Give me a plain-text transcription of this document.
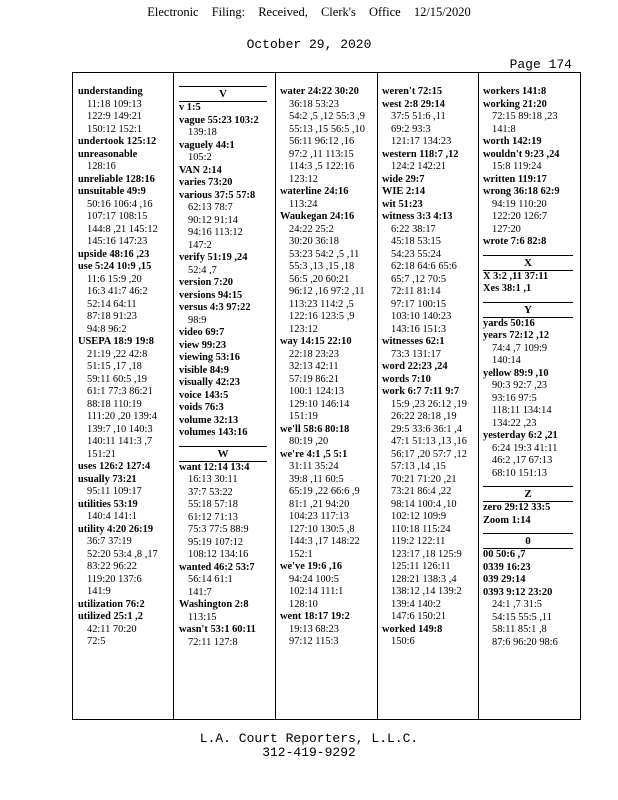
Electronic Filing: Received, Clerk's Office 12/15/2020
October 29, 2020
Page 174
understanding
11:18 109:13
122:9 149:21
150:12 152:1
undertook 125:12
unreasonable
128:16
unreliable 128:16
unsuitable 49:9
50:16 106:4 ,16
107:17 108:15
144:8 ,21 145:12
145:16 147:23
upside 48:16 ,23
use 5:24 10:9 ,15
11:6 15:9 ,20
16:3 41:7 46:2
52:14 64:11
87:18 91:23
94:8 96:2
USEPA 18:9 19:8
21:19 ,22 42:8
51:15 ,17 ,18
59:11 60:5 ,19
61:1 77:3 86:21
88:18 110:19
111:20 ,20 139:4
139:7 ,10 140:3
140:11 141:3 ,7
151:21
uses 126:2 127:4
usually 73:21
95:11 109:17
utilities 53:19
140:4 141:1
utility 4:20 26:19
36:7 37:19
52:20 53:4 ,8 ,17
83:22 96:22
119:20 137:6
141:9
utilization 76:2
utilized 25:1 ,2
42:11 70:20
72:5
V
v 1:5
vague 55:23 103:2
139:18
vaguely 44:1
105:2
VAN 2:14
varies 73:20
various 37:5 57:8
62:13 78:7
90:12 91:14
94:16 113:12
147:2
verify 51:19 ,24
52:4 ,7
version 7:20
versions 94:15
versus 4:3 97:22
98:9
video 69:7
view 99:23
viewing 53:16
visible 84:9
visually 42:23
voice 143:5
voids 76:3
volume 32:13
volumes 143:16
W
want 12:14 13:4
16:13 30:11
37:7 53:22
55:18 57:18
61:12 71:13
75:3 77:5 88:9
95:19 107:12
108:12 134:16
wanted 46:2 53:7
56:14 61:1
141:7
Washington 2:8
113:15
wasn't 53:1 60:11
72:11 127:8
water 24:22 30:20
36:18 53:23
54:2 ,5 ,12 55:3 ,9
55:13 ,15 56:5 ,10
56:11 96:12 ,16
97:2 ,11 113:15
114:3 ,5 122:16
123:12
waterline 24:16
113:24
Waukegan 24:16
24:22 25:2
30:20 36:18
53:23 54:2 ,5 ,11
55:3 ,13 ,15 ,18
56:5 ,20 60:21
96:12 ,16 97:2 ,11
113:23 114:2 ,5
122:16 123:5 ,9
123:12
way 14:15 22:10
22:18 23:23
32:13 42:11
57:19 86:21
100:1 124:13
129:10 146:14
151:19
we'll 58:6 80:18
80:19 ,20
we're 4:1 ,5 5:1
31:11 35:24
39:8 ,11 60:5
65:19 ,22 66:6 ,9
81:1 ,21 94:20
104:23 117:13
127:10 130:5 ,8
144:3 ,17 148:22
152:1
we've 19:6 ,16
94:24 100:5
102:14 111:1
128:10
went 18:17 19:2
19:13 68:23
97:12 115:3
weren't 72:15
west 2:8 29:14
37:5 51:6 ,11
69:2 93:3
121:17 134:23
western 118:7 ,12
124:2 142:21
wide 29:7
WIE 2:14
wit 51:23
witness 3:3 4:13
6:22 38:17
45:18 53:15
54:23 55:24
62:18 64:6 65:6
65:7 ,12 70:5
72:11 81:14
97:17 100:15
103:10 140:23
143:16 151:3
witnesses 62:1
73:3 131:17
word 22:23 ,24
words 7:10
work 6:7 7:11 9:7
15:9 ,23 26:12 ,19
26:22 28:18 ,19
29:5 33:6 36:1 ,4
47:1 51:13 ,13 ,16
56:17 ,20 57:7 ,12
57:13 ,14 ,15
70:21 71:20 ,21
73:21 86:4 ,22
98:14 100:4 ,10
102:12 109:9
110:18 115:24
119:2 122:11
123:17 ,18 125:9
125:11 126:11
128:21 138:3 ,4
138:12 ,14 139:2
139:4 140:2
147:6 150:21
worked 149:8
150:6
workers 141:8
working 21:20
72:15 89:18 ,23
141:8
worth 142:19
wouldn't 9:23 ,24
15:8 119:24
written 119:17
wrong 36:18 62:9
94:19 110:20
122:20 126:7
127:20
wrote 7:6 82:8
X
X 3:2 ,11 37:11
Xes 38:1 ,1
Y
yards 50:16
years 72:12 ,12
74:4 ,7 109:9
140:14
yellow 89:9 ,10
90:3 92:7 ,23
93:16 97:5
118:11 134:14
134:22 ,23
yesterday 6:2 ,21
6:24 19:3 41:11
46:2 ,17 67:13
68:10 151:13
Z
zero 29:12 33:5
Zoom 1:14
0
00 50:6 ,7
0339 16:23
039 29:14
0393 9:12 23:20
24:1 ,7 31:5
54:15 55:5 ,11
58:11 85:1 ,8
87:6 96:20 98:6
L.A. Court Reporters, L.L.C.
312-419-9292
